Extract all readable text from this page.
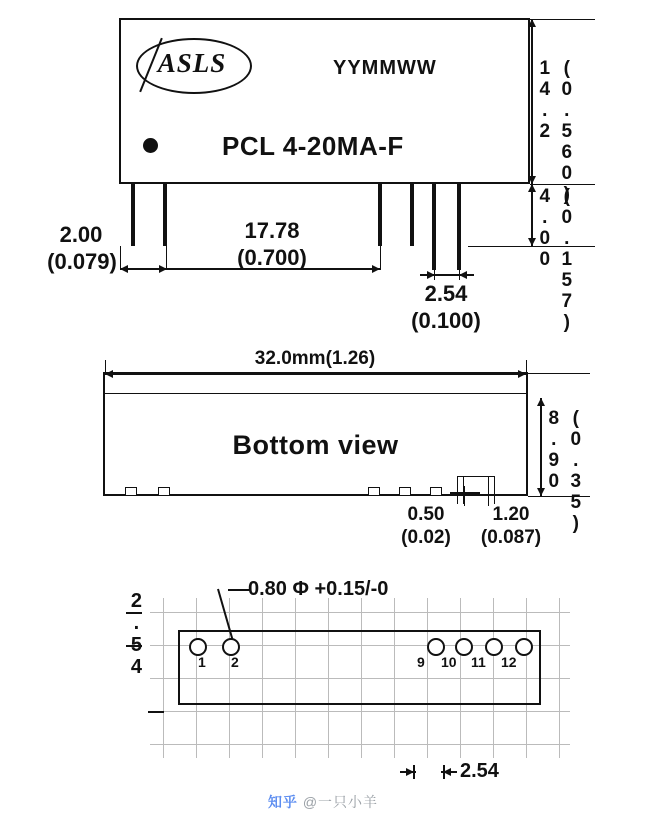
ASLS	YYMMWW
PCL 4-20MA-F
14.2 (0.560)
4.00 (0.157)
2.00
(0.079)
17.78
(0.700)
2.54
(0.100)
Bottom view
32.0mm(1.26)
8.90 (0.35)
0.50
(0.02)
1.20
(0.087)
1 2	9 10 11 12
0.80 Φ +0.15/-0
2.54
2.54
知乎 @一只小羊
